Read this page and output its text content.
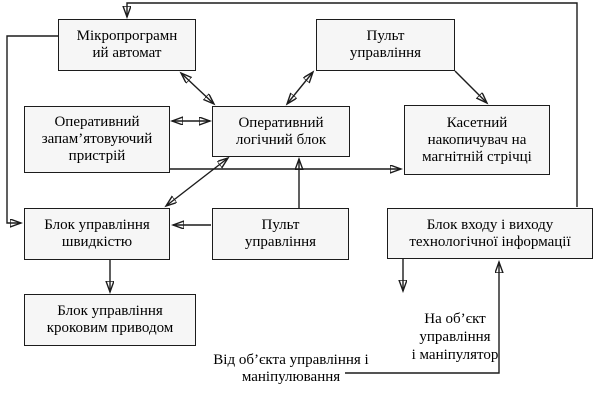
Мікропрограмн
ий автомат
Пульт
управління
Оперативний
запам’ятовуючий
пристрій
Оперативний
логічний блок
Касетний
накопичувач на
магнітній стрічці
Блок управління
швидкістю
Пульт
управління
Блок входу і виходу
технологічної інформації
Блок управління
кроковим приводом
На об’єкт
управління
і маніпулятор
Від об’єкта управління і
маніпулювання
